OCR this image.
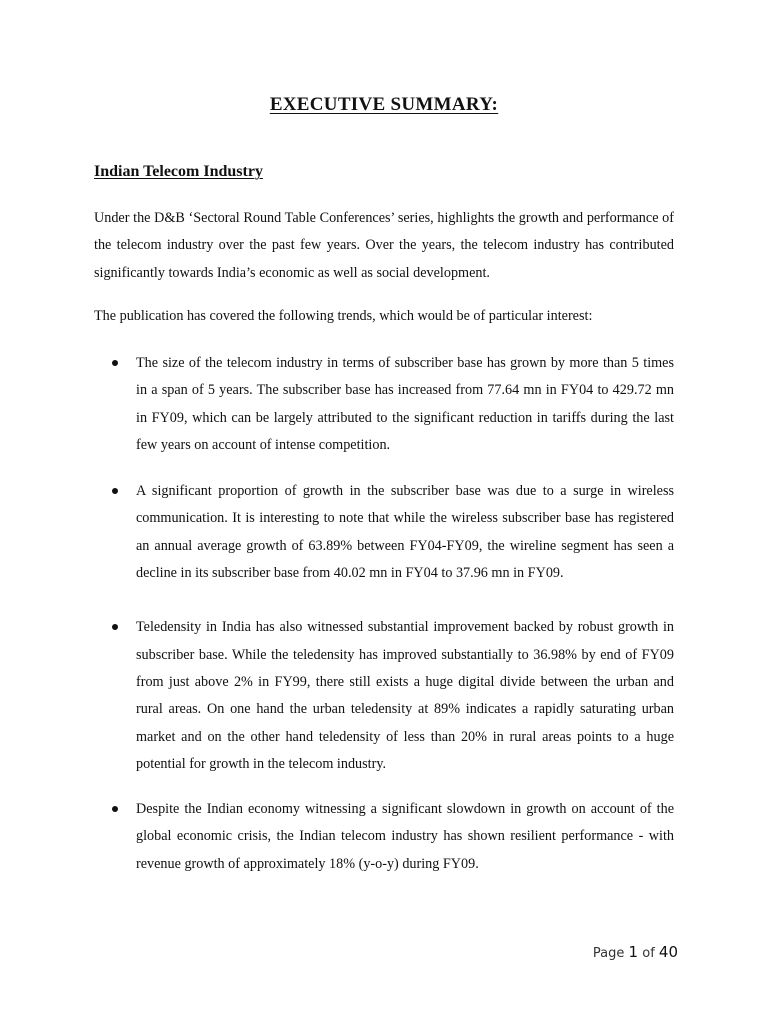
EXECUTIVE SUMMARY:
Indian Telecom Industry

Under the D&B ‘Sectoral Round Table Conferences’ series, highlights the growth and performance of the telecom industry over the past few years. Over the years, the telecom industry has contributed significantly towards India’s economic as well as social development.

The publication has covered the following trends, which would be of particular interest:

The size of the telecom industry in terms of subscriber base has grown by more than 5 times in a span of 5 years. The subscriber base has increased from 77.64 mn in FY04 to 429.72 mn in FY09, which can be largely attributed to the significant reduction in tariffs during the last few years on account of intense competition.
A significant proportion of growth in the subscriber base was due to a surge in wireless communication. It is interesting to note that while the wireless subscriber base has registered an annual average growth of 63.89% between FY04-FY09, the wireline segment has seen a decline in its subscriber base from 40.02 mn in FY04 to 37.96 mn in FY09.
Teledensity in India has also witnessed substantial improvement backed by robust growth in subscriber base. While the teledensity has improved substantially to 36.98% by end of FY09 from just above 2% in FY99, there still exists a huge digital divide between the urban and rural areas. On one hand the urban teledensity at 89% indicates a rapidly saturating urban market and on the other hand teledensity of less than 20% in rural areas points to a huge potential for growth in the telecom industry.
Despite the Indian economy witnessing a significant slowdown in growth on account of the global economic crisis, the Indian telecom industry has shown resilient performance - with revenue growth of approximately 18% (y-o-y) during FY09.
Page 1 of 40
